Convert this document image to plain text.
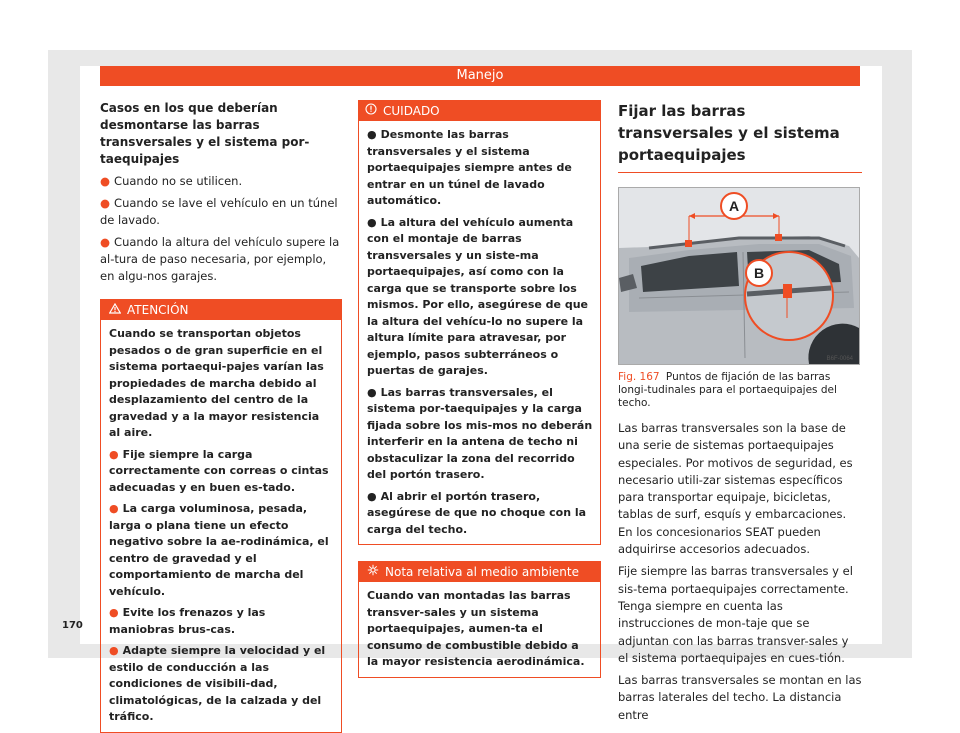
Manejo

Casos en los que deberían desmontarse las barras transversales y el sistema por-taequipajes

● Cuando no se utilicen.

● Cuando se lave el vehículo en un túnel de lavado.

● Cuando la altura del vehículo supere la al-tura de paso necesaria, por ejemplo, en algu-nos garajes.

ATENCIÓN

Cuando se transportan objetos pesados o de gran superficie en el sistema portaequi-pajes varían las propiedades de marcha debido al desplazamiento del centro de la gravedad y a la mayor resistencia al aire.

● Fije siempre la carga correctamente con correas o cintas adecuadas y en buen es-tado.

● La carga voluminosa, pesada, larga o plana tiene un efecto negativo sobre la ae-rodinámica, el centro de gravedad y el comportamiento de marcha del vehículo.

● Evite los frenazos y las maniobras brus-cas.

● Adapte siempre la velocidad y el estilo de conducción a las condiciones de visibili-dad, climatológicas, de la calzada y del tráfico.

CUIDADO

● Desmonte las barras transversales y el sistema portaequipajes siempre antes de entrar en un túnel de lavado automático.

● La altura del vehículo aumenta con el montaje de barras transversales y un siste-ma portaequipajes, así como con la carga que se transporte sobre los mismos. Por ello, asegúrese de que la altura del vehícu-lo no supere la altura límite para atravesar, por ejemplo, pasos subterráneos o puertas de garajes.

● Las barras transversales, el sistema por-taequipajes y la carga fijada sobre los mis-mos no deberán interferir en la antena de techo ni obstaculizar la zona del recorrido del portón trasero.

● Al abrir el portón trasero, asegúrese de que no choque con la carga del techo.

Nota relativa al medio ambiente

Cuando van montadas las barras transver-sales y un sistema portaequipajes, aumen-ta el consumo de combustible debido a la mayor resistencia aerodinámica.

Fijar las barras transversales y el sistema portaequipajes

A
B
B6F-0064

Fig. 167 Puntos de fijación de las barras longi-tudinales para el portaequipajes del techo.

Las barras transversales son la base de una serie de sistemas portaequipajes especiales. Por motivos de seguridad, es necesario utili-zar sistemas específicos para transportar equipaje, bicicletas, tablas de surf, esquís y embarcaciones. En los concesionarios SEAT pueden adquirirse accesorios adecuados.

Fije siempre las barras transversales y el sis-tema portaequipajes correctamente. Tenga siempre en cuenta las instrucciones de mon-taje que se adjuntan con las barras transver-sales y el sistema portaequipajes en cues-tión.

Las barras transversales se montan en las barras laterales del techo. La distancia entre

170
